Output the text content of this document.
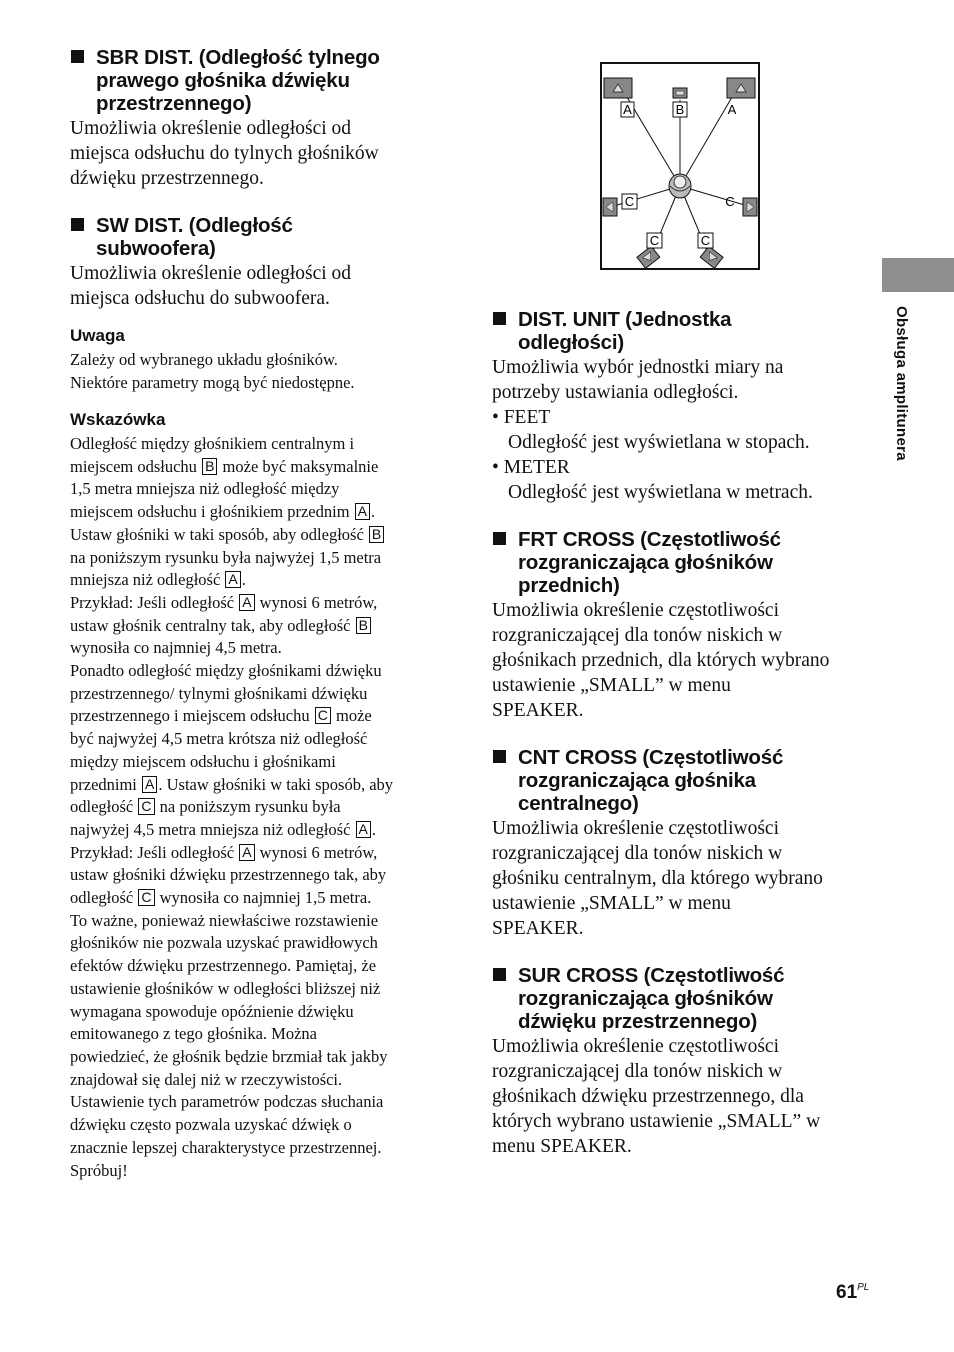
SBR DIST. (Odległość tylnego
prawego głośnika dźwięku
przestrzennego)

Umożliwia określenie odległości od
miejsca odsłuchu do tylnych głośników
dźwięku przestrzennego.

SW DIST. (Odległość
subwoofera)

Umożliwia określenie odległości od
miejsca odsłuchu do subwoofera.

Uwaga

Zależy od wybranego układu głośników.
Niektóre parametry mogą być niedostępne.

Wskazówka

Odległość między głośnikiem centralnym i
miejscem odsłuchu B może być maksymalnie
1,5 metra mniejsza niż odległość między
miejscem odsłuchu i głośnikiem przednim A .
Ustaw głośniki w taki sposób, aby odległość B
na poniższym rysunku była najwyżej 1,5 metra
mniejsza niż odległość A .
Przykład: Jeśli odległość A wynosi 6 metrów,
ustaw głośnik centralny tak, aby odległość B
wynosiła co najmniej 4,5 metra.
Ponadto odległość między głośnikami dźwięku
przestrzennego/ tylnymi głośnikami dźwięku
przestrzennego i miejscem odsłuchu C może
być najwyżej 4,5 metra krótsza niż odległość
między miejscem odsłuchu i głośnikami
przednimi A . Ustaw głośniki w taki sposób, aby
odległość C na poniższym rysunku była
najwyżej 4,5 metra mniejsza niż odległość A .
Przykład: Jeśli odległość A wynosi 6 metrów,
ustaw głośniki dźwięku przestrzennego tak, aby
odległość C wynosiła co najmniej 1,5 metra.
To ważne, ponieważ niewłaściwe rozstawienie
głośników nie pozwala uzyskać prawidłowych
efektów dźwięku przestrzennego. Pamiętaj, że
ustawienie głośników w odległości bliższej niż
wymagana spowoduje opóźnienie dźwięku
emitowanego z tego głośnika. Można
powiedzieć, że głośnik będzie brzmiał tak jakby
znajdował się dalej niż w rzeczywistości.
Ustawienie tych parametrów podczas słuchania
dźwięku często pozwala uzyskać dźwięk o
znacznie lepszej charakterystyce przestrzennej.
Spróbuj!

A	B	A
C	C
C	C
DIST. UNIT (Jednostka
odległości)

Umożliwia wybór jednostki miary na
potrzeby ustawiania odległości.

• FEET

Odległość jest wyświetlana w stopach.

• METER

Odległość jest wyświetlana w metrach.

FRT CROSS (Częstotliwość
rozgraniczająca głośników
przednich)

Umożliwia określenie częstotliwości
rozgraniczającej dla tonów niskich w
głośnikach przednich, dla których wybrano
ustawienie „SMALL” w menu
SPEAKER.

CNT CROSS (Częstotliwość
rozgraniczająca głośnika
centralnego)

Umożliwia określenie częstotliwości
rozgraniczającej dla tonów niskich w
głośniku centralnym, dla którego wybrano
ustawienie „SMALL” w menu
SPEAKER.

SUR CROSS (Częstotliwość
rozgraniczająca głośników
dźwięku przestrzennego)

Umożliwia określenie częstotliwości
rozgraniczającej dla tonów niskich w
głośnikach dźwięku przestrzennego, dla
których wybrano ustawienie „SMALL” w
menu SPEAKER.

Obsługa amplitunera
$61^{PL}$
